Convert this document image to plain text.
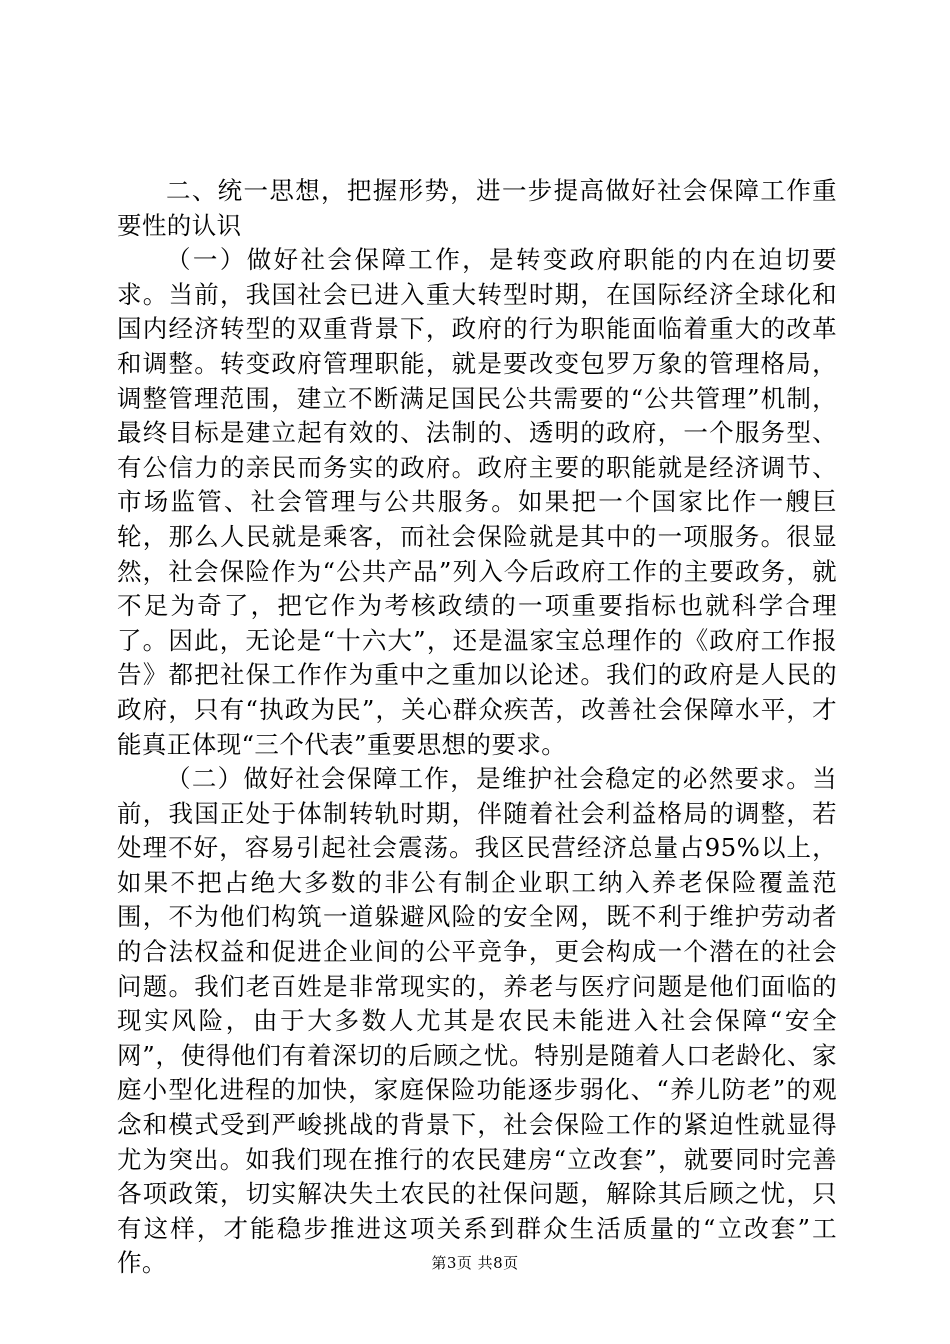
二、统一思想，把握形势，进一步提高做好社会保障工作重要性的认识

（一）做好社会保障工作，是转变政府职能的内在迫切要求。当前，我国社会已进入重大转型时期，在国际经济全球化和国内经济转型的双重背景下，政府的行为职能面临着重大的改革和调整。转变政府管理职能，就是要改变包罗万象的管理格局，调整管理范围，建立不断满足国民公共需要的“公共管理”机制，最终目标是建立起有效的、法制的、透明的政府，一个服务型、有公信力的亲民而务实的政府。政府主要的职能就是经济调节、市场监管、社会管理与公共服务。如果把一个国家比作一艘巨轮，那么人民就是乘客，而社会保险就是其中的一项服务。很显然，社会保险作为“公共产品”列入今后政府工作的主要政务，就不足为奇了，把它作为考核政绩的一项重要指标也就科学合理了。因此，无论是“十六大”，还是温家宝总理作的《政府工作报告》都把社保工作作为重中之重加以论述。我们的政府是人民的政府，只有“执政为民”，关心群众疾苦，改善社会保障水平，才能真正体现“三个代表”重要思想的要求。

（二）做好社会保障工作，是维护社会稳定的必然要求。当前，我国正处于体制转轨时期，伴随着社会利益格局的调整，若处理不好，容易引起社会震荡。我区民营经济总量占95%以上，如果不把占绝大多数的非公有制企业职工纳入养老保险覆盖范围，不为他们构筑一道躲避风险的安全网，既不利于维护劳动者的合法权益和促进企业间的公平竞争，更会构成一个潜在的社会问题。我们老百姓是非常现实的，养老与医疗问题是他们面临的现实风险，由于大多数人尤其是农民未能进入社会保障“安全网”，使得他们有着深切的后顾之忧。特别是随着人口老龄化、家庭小型化进程的加快，家庭保险功能逐步弱化、“养儿防老”的观念和模式受到严峻挑战的背景下，社会保险工作的紧迫性就显得尤为突出。如我们现在推行的农民建房“立改套”，就要同时完善各项政策，切实解决失土农民的社保问题，解除其后顾之忧，只有这样，才能稳步推进这项关系到群众生活质量的“立改套”工作。	第3页 共8页
